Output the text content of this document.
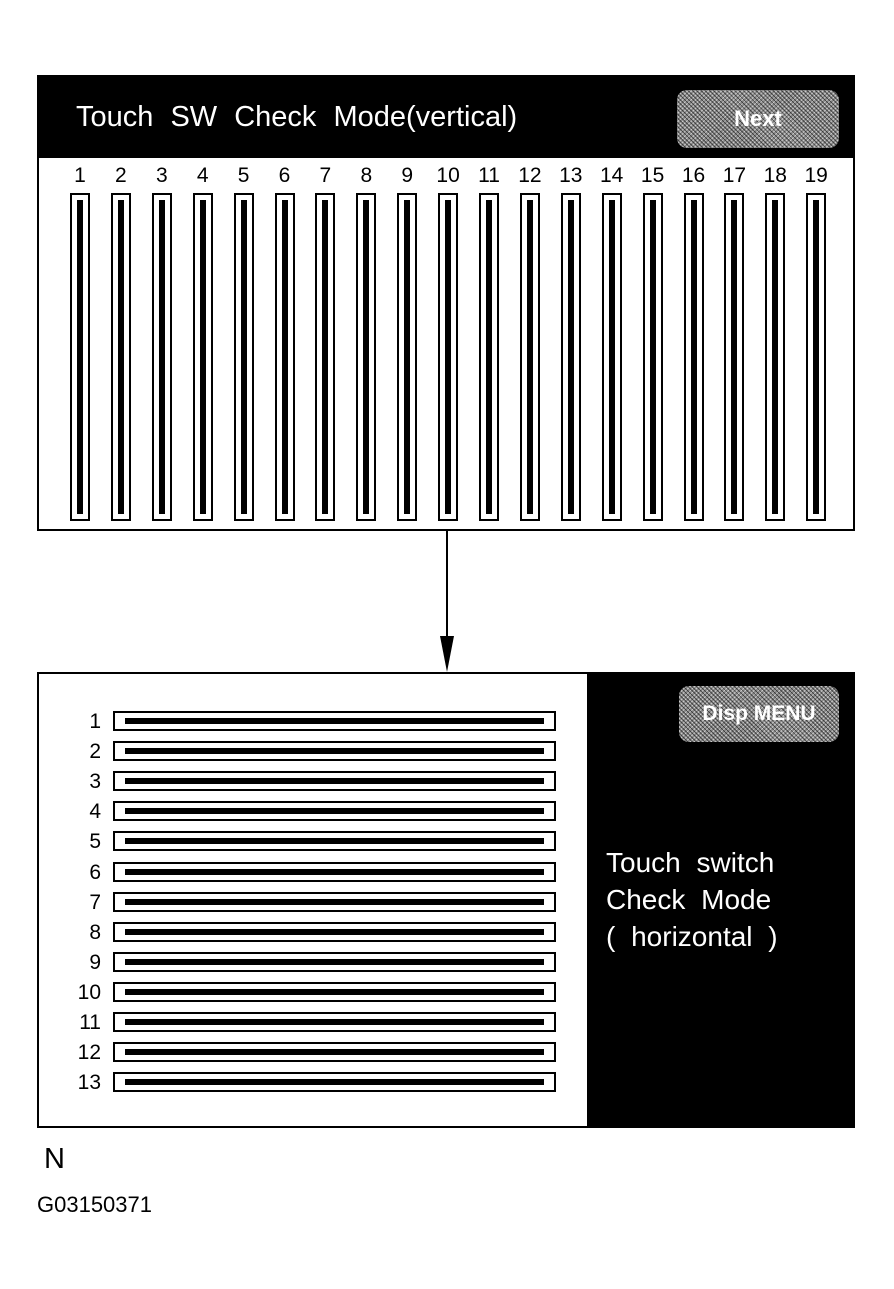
Touch SW Check Mode(vertical)	Next
1	2	3	4	5	6	7	8	9	10 11 12 13 14 15 16 17 18 19
1
2
3
4
5
6
7
8
9
10
11
12
13
Disp MENU
Touch switch
Check Mode
( horizontal )
N
G03150371
